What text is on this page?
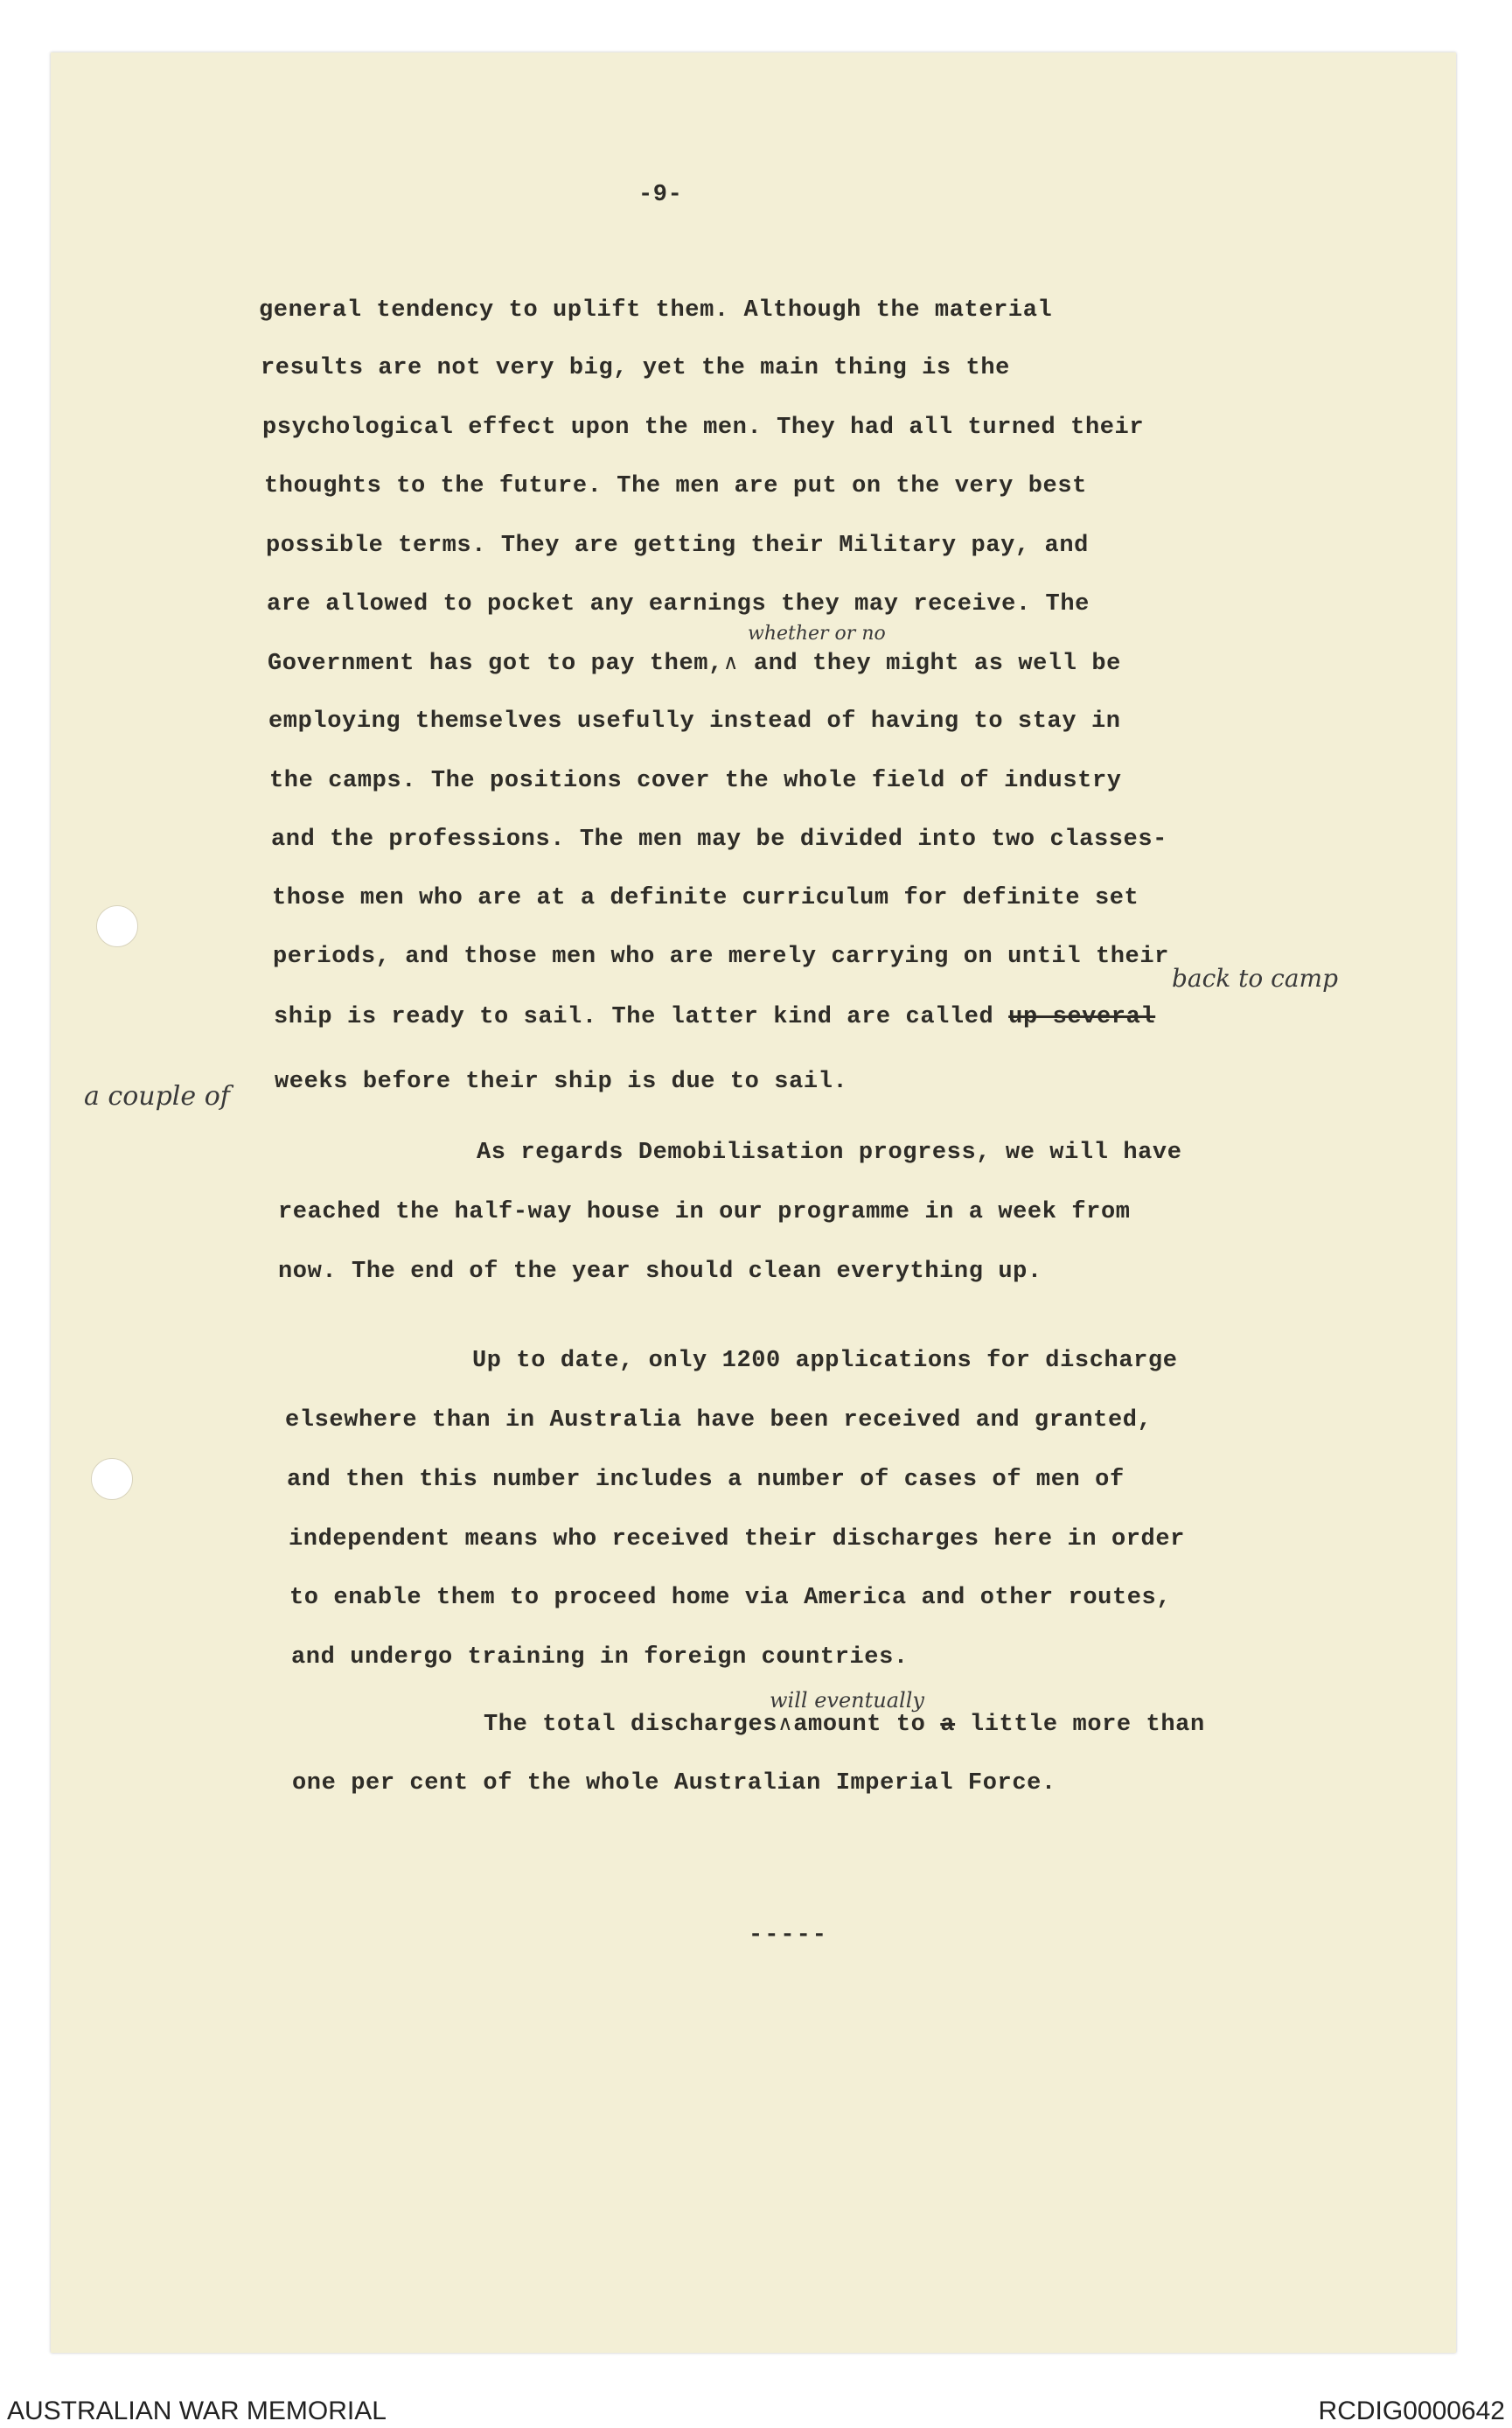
-9-
general tendency to uplift them. Although the material
results are not very big, yet the main thing is the
psychological effect upon the men. They had all turned their
thoughts to the future. The men are put on the very best
possible terms. They are getting their Military pay, and
are allowed to pocket any earnings they may receive. The
whether or no
Government has got to pay them,∧ and they might as well be
employing themselves usefully instead of having to stay in
the camps. The positions cover the whole field of industry
and the professions. The men may be divided into two classes-
those men who are at a definite curriculum for definite set
periods, and those men who are merely carrying on until their
back to camp
ship is ready to sail. The latter kind are called up several
a couple of weeks before their ship is due to sail.
As regards Demobilisation progress, we will have
reached the half-way house in our programme in a week from
now. The end of the year should clean everything up.
Up to date, only 1200 applications for discharge
elsewhere than in Australia have been received and granted,
and then this number includes a number of cases of men of
independent means who received their discharges here in order
to enable them to proceed home via America and other routes,
and undergo training in foreign countries.
will eventually
The total discharges∧amount to a little more than
one per cent of the whole Australian Imperial Force.
-----
AUSTRALIAN WAR MEMORIAL	RCDIG0000642
